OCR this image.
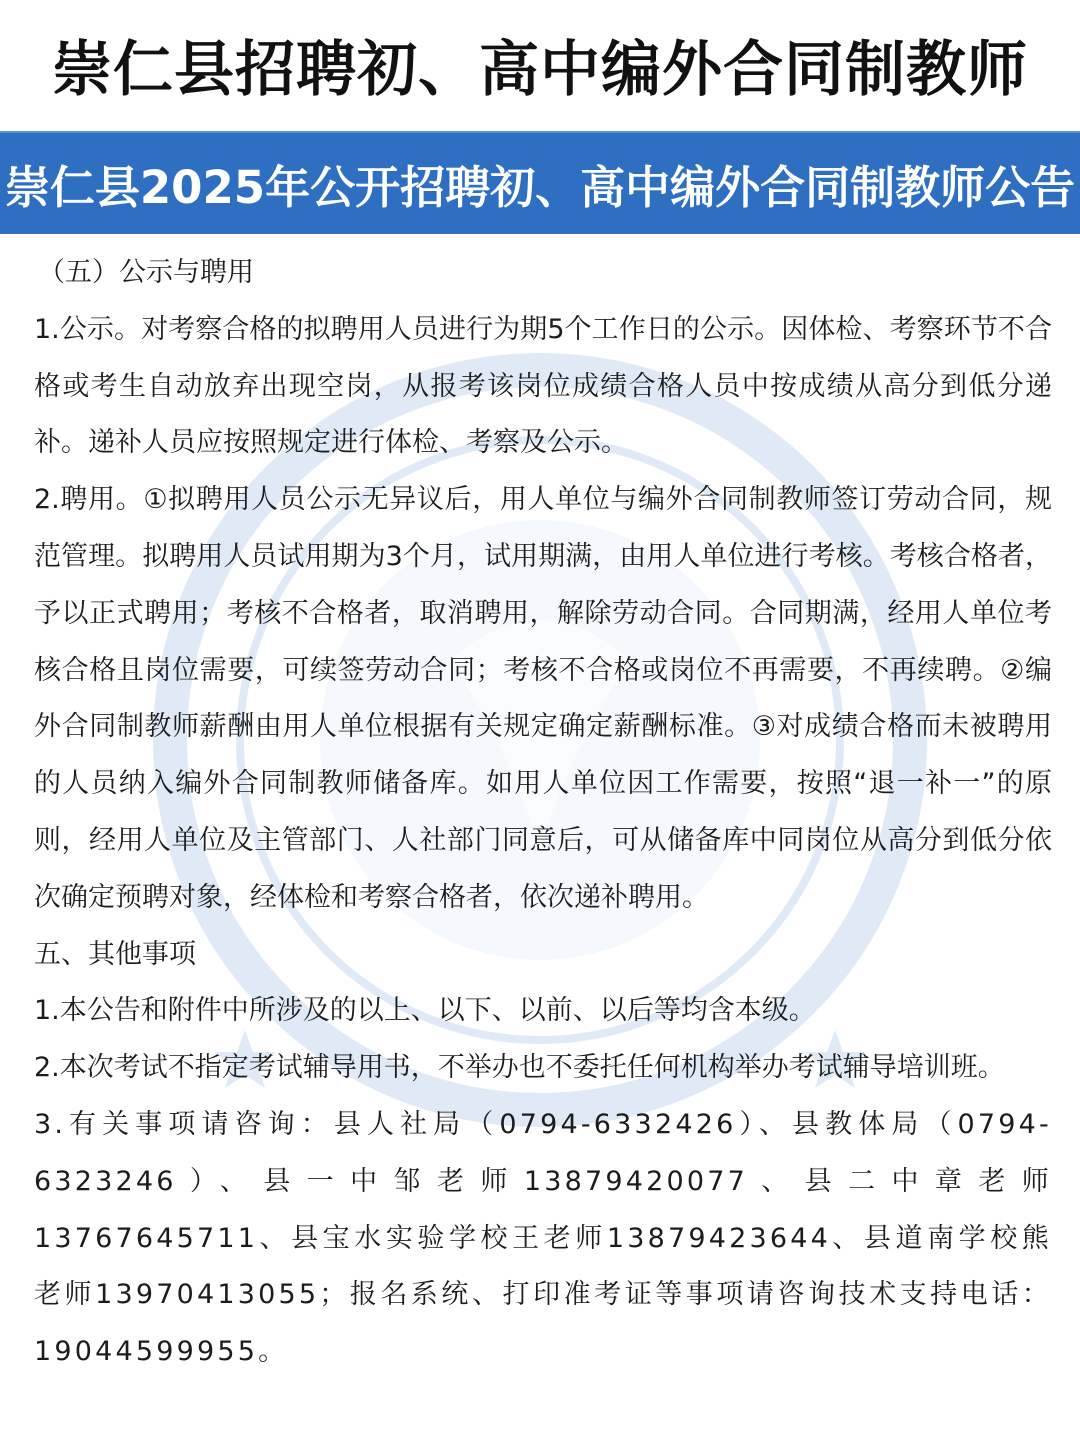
崇仁县招聘初、高中编外合同制教师
崇仁县2025年公开招聘初、高中编外合同制教师公告

（五）公示与聘用

1.公示。对考察合格的拟聘用人员进行为期5个工作日的公示。因体检、考察环节不合格或考生自动放弃出现空岗，从报考该岗位成绩合格人员中按成绩从高分到低分递补。递补人员应按照规定进行体检、考察及公示。

2.聘用。①拟聘用人员公示无异议后，用人单位与编外合同制教师签订劳动合同，规范管理。拟聘用人员试用期为3个月，试用期满，由用人单位进行考核。考核合格者，予以正式聘用；考核不合格者，取消聘用，解除劳动合同。合同期满，经用人单位考核合格且岗位需要，可续签劳动合同；考核不合格或岗位不再需要，不再续聘。②编外合同制教师薪酬由用人单位根据有关规定确定薪酬标准。③对成绩合格而未被聘用的人员纳入编外合同制教师储备库。如用人单位因工作需要，按照“退一补一”的原则，经用人单位及主管部门、人社部门同意后，可从储备库中同岗位从高分到低分依次确定预聘对象，经体检和考察合格者，依次递补聘用。

五、其他事项

1.本公告和附件中所涉及的以上、以下、以前、以后等均含本级。

2.本次考试不指定考试辅导用书，不举办也不委托任何机构举办考试辅导培训班。

3.有关事项请咨询：县人社局（0794-6332426）、县教体局（0794-6323246）、县一中邹老师13879420077、县二中章老师13767645711、县宝水实验学校王老师13879423644、县道南学校熊老师13970413055；报名系统、打印准考证等事项请咨询技术支持电话：19044599955。
